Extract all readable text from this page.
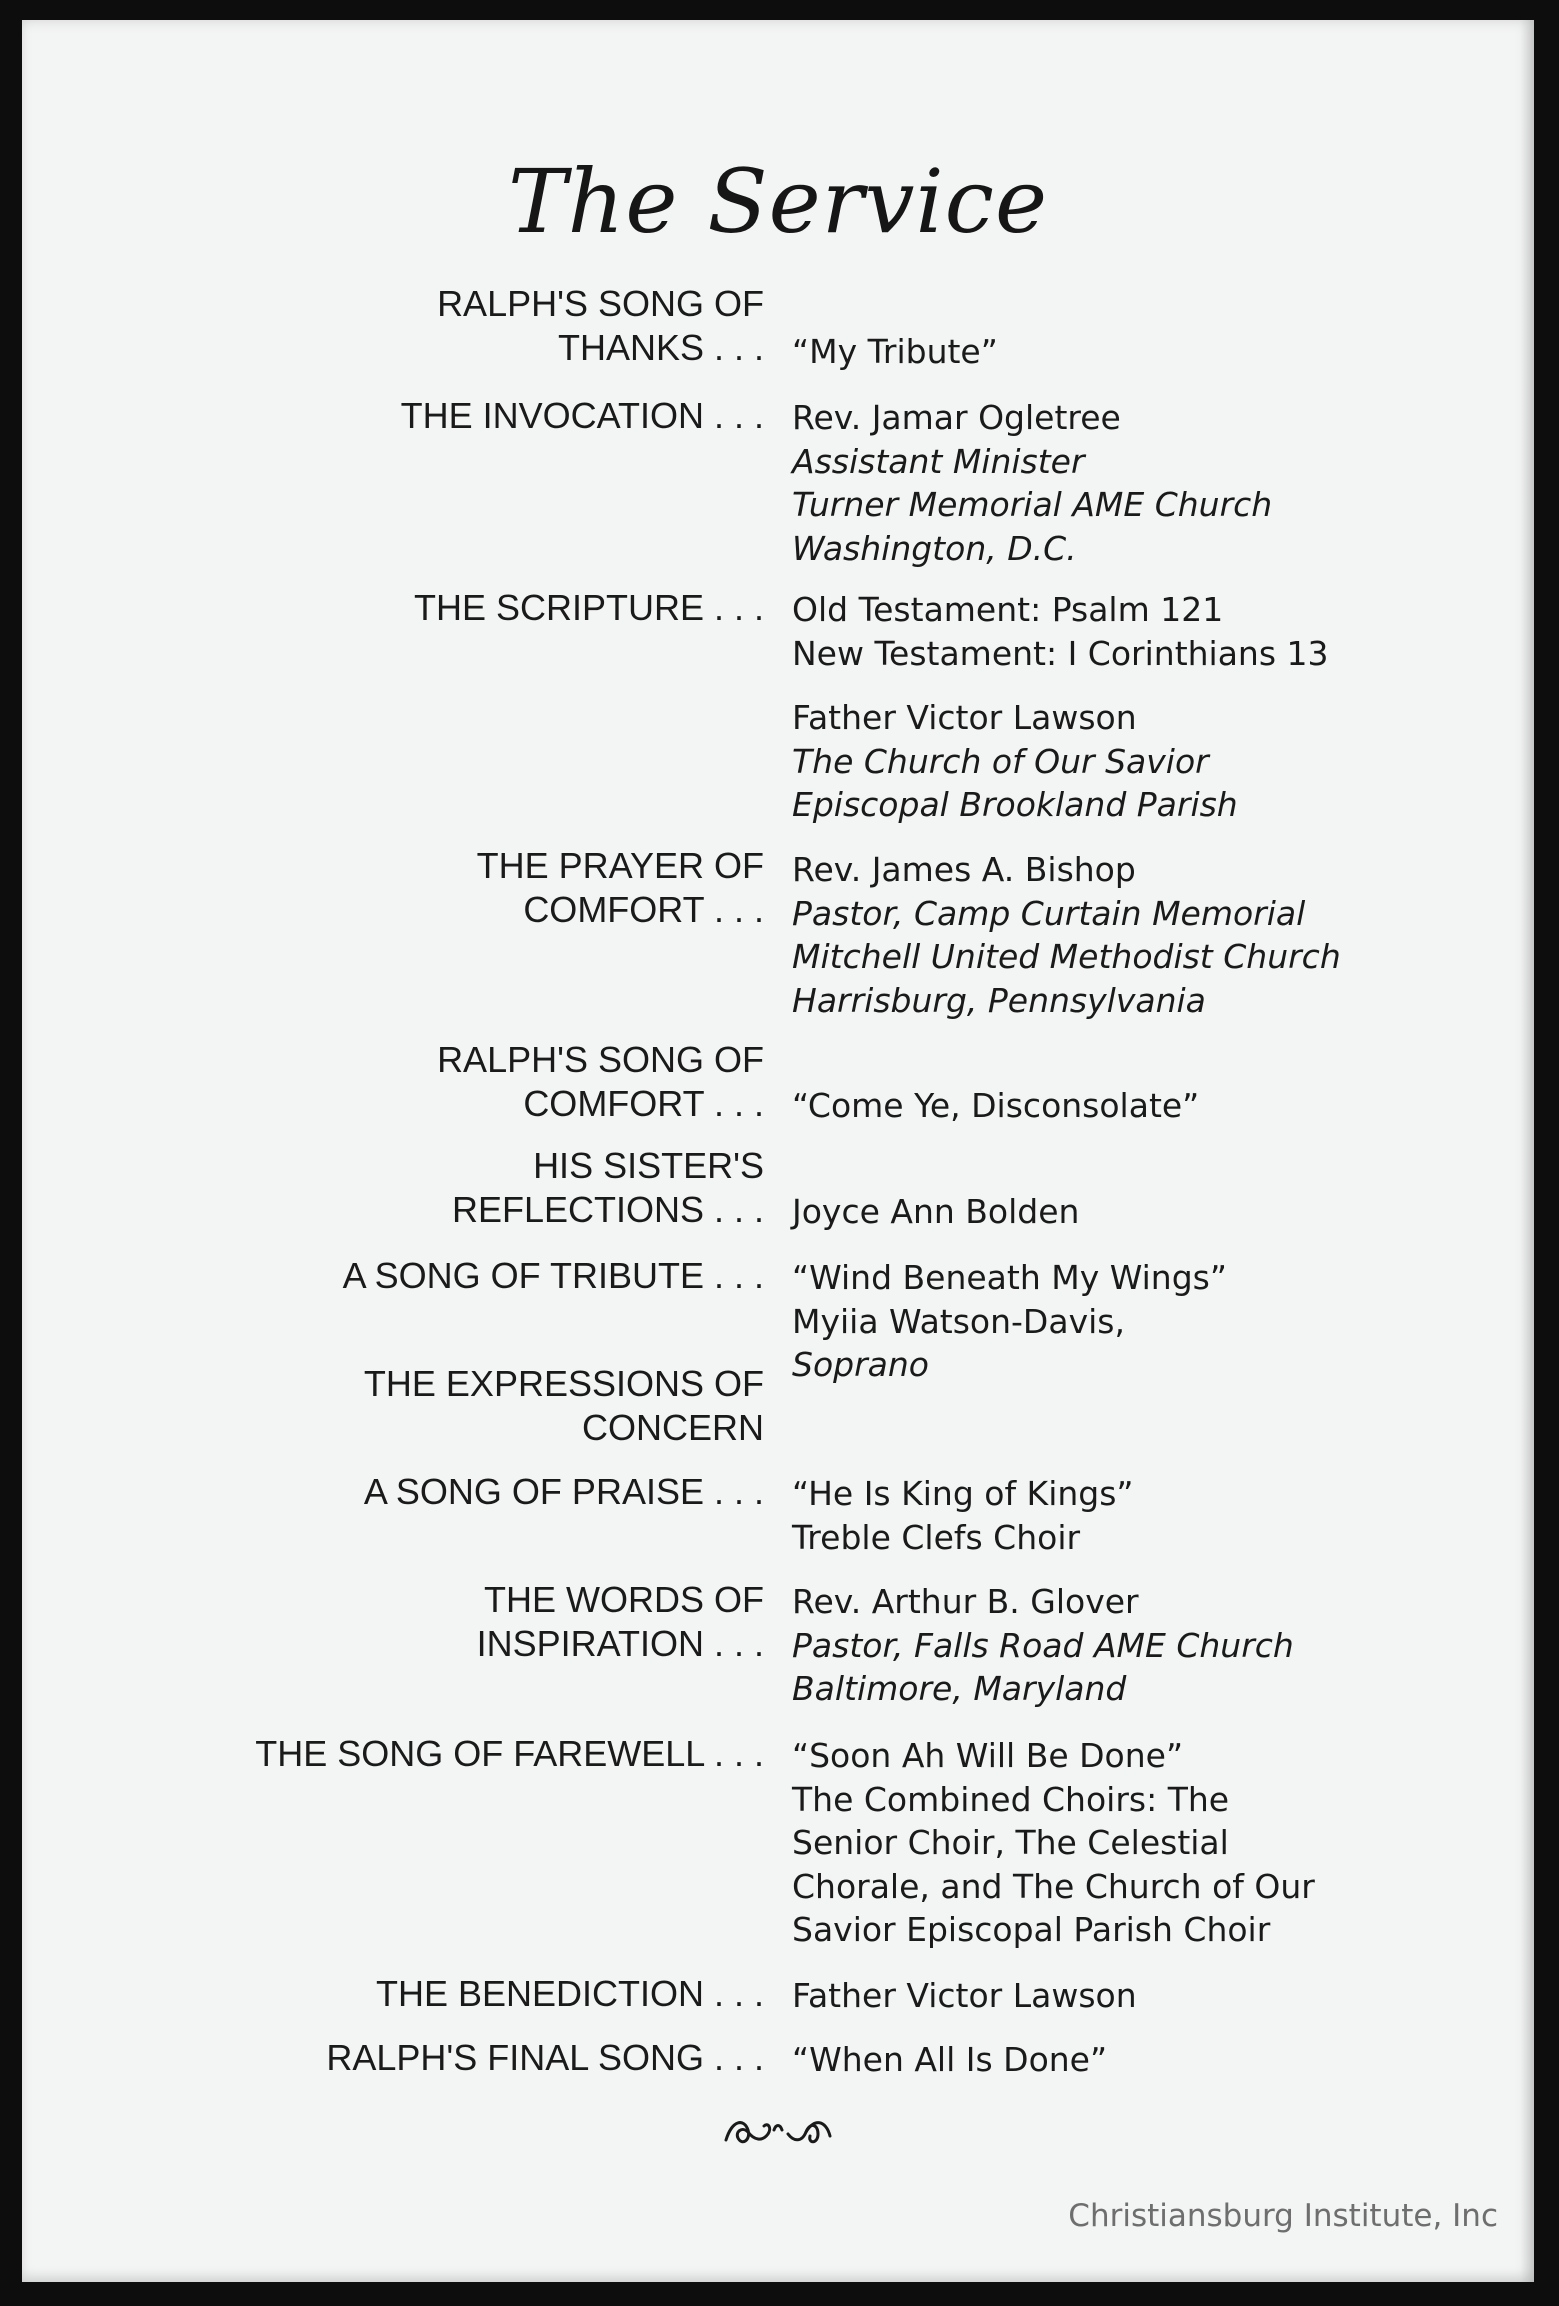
The Service
RALPH'S SONG OF
THANKS . . . “My Tribute”
THE INVOCATION . . . Rev. Jamar Ogletree
Assistant Minister
Turner Memorial AME Church
Washington, D.C.
THE SCRIPTURE . . . Old Testament: Psalm 121
New Testament: I Corinthians 13
Father Victor Lawson
The Church of Our Savior
Episcopal Brookland Parish
THE PRAYER OF
COMFORT . . .
Rev. James A. Bishop
Pastor, Camp Curtain Memorial
Mitchell United Methodist Church
Harrisburg, Pennsylvania
RALPH'S SONG OF
COMFORT . . . “Come Ye, Disconsolate”
HIS SISTER'S
REFLECTIONS . . . Joyce Ann Bolden
A SONG OF TRIBUTE . . . “Wind Beneath My Wings”
Myiia Watson-Davis,
Soprano
THE EXPRESSIONS OF
CONCERN
A SONG OF PRAISE . . . “He Is King of Kings”
Treble Clefs Choir
THE WORDS OF
INSPIRATION . . .
Rev. Arthur B. Glover
Pastor, Falls Road AME Church
Baltimore, Maryland
THE SONG OF FAREWELL . . . “Soon Ah Will Be Done”
The Combined Choirs: The
Senior Choir, The Celestial
Chorale, and The Church of Our
Savior Episcopal Parish Choir
THE BENEDICTION . . . Father Victor Lawson
RALPH'S FINAL SONG . . . “When All Is Done”
Christiansburg Institute, Inc
